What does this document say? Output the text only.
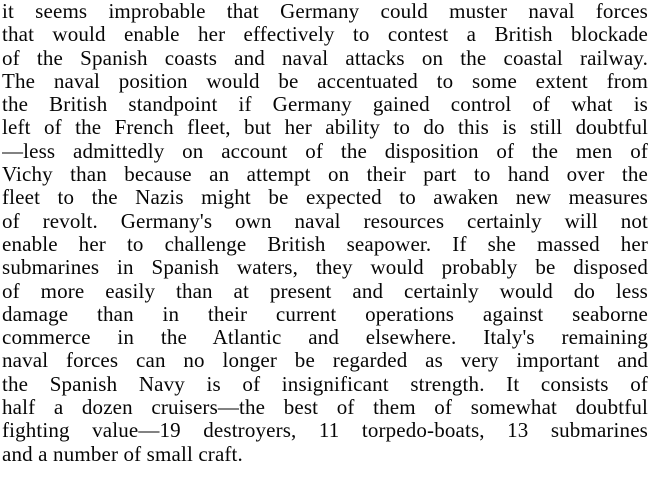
it seems improbable that Germany could muster naval forces
that would enable her effectively to contest a British blockade
of the Spanish coasts and naval attacks on the coastal railway.
The naval position would be accentuated to some extent from
the British standpoint if Germany gained control of what is
left of the French fleet, but her ability to do this is still doubtful
—less admittedly on account of the disposition of the men of
Vichy than because an attempt on their part to hand over the
fleet to the Nazis might be expected to awaken new measures
of revolt. Germany's own naval resources certainly will not
enable her to challenge British seapower. If she massed her
submarines in Spanish waters, they would probably be disposed
of more easily than at present and certainly would do less
damage than in their current operations against seaborne
commerce in the Atlantic and elsewhere. Italy's remaining
naval forces can no longer be regarded as very important and
the Spanish Navy is of insignificant strength. It consists of
half a dozen cruisers—the best of them of somewhat doubtful
fighting value—19 destroyers, 11 torpedo-boats, 13 submarines
and a number of small craft.
